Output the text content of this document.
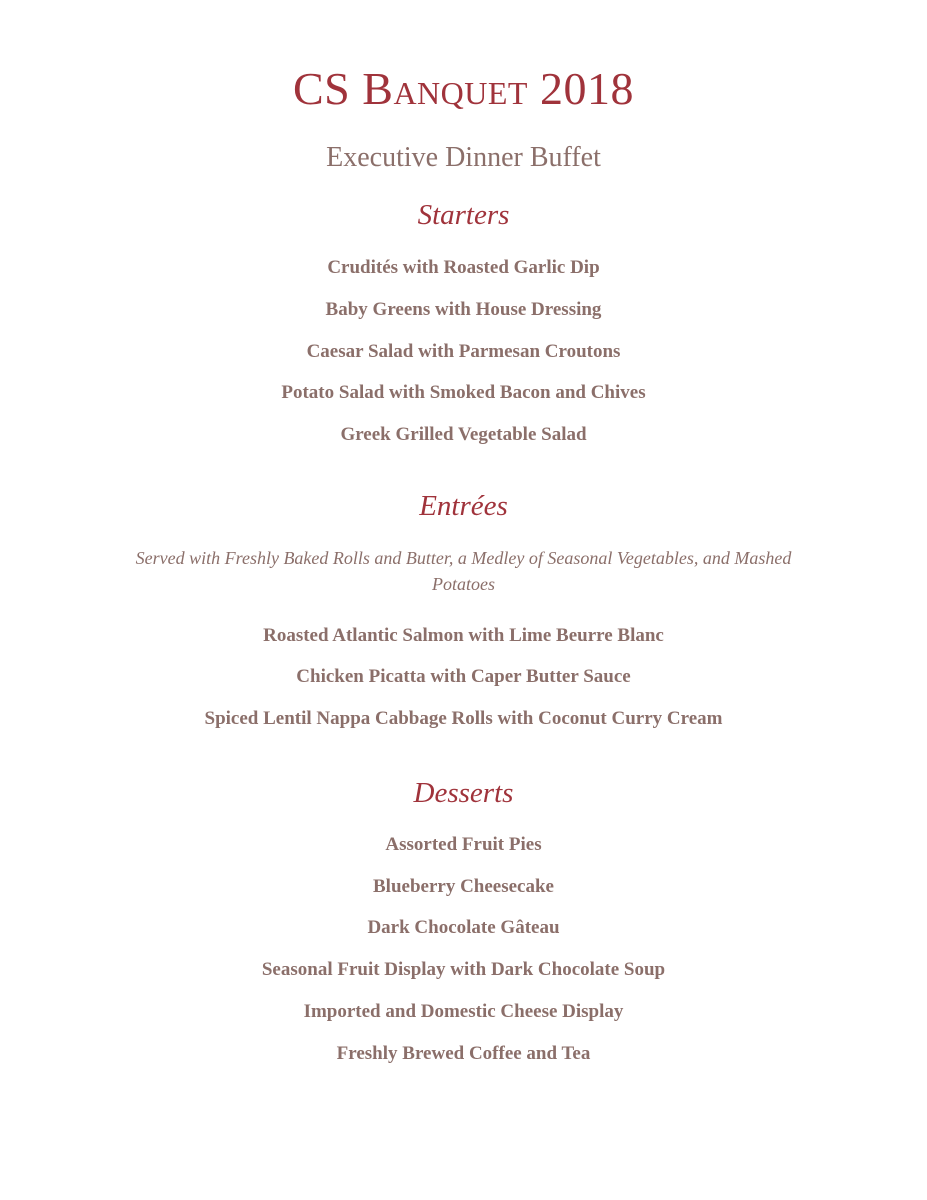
CS Banquet 2018
Executive Dinner Buffet
Starters
Crudités with Roasted Garlic Dip
Baby Greens with House Dressing
Caesar Salad with Parmesan Croutons
Potato Salad with Smoked Bacon and Chives
Greek Grilled Vegetable Salad
Entrées
Served with Freshly Baked Rolls and Butter, a Medley of Seasonal Vegetables, and Mashed Potatoes
Roasted Atlantic Salmon with Lime Beurre Blanc
Chicken Picatta with Caper Butter Sauce
Spiced Lentil Nappa Cabbage Rolls with Coconut Curry Cream
Desserts
Assorted Fruit Pies
Blueberry Cheesecake
Dark Chocolate Gâteau
Seasonal Fruit Display with Dark Chocolate Soup
Imported and Domestic Cheese Display
Freshly Brewed Coffee and Tea
